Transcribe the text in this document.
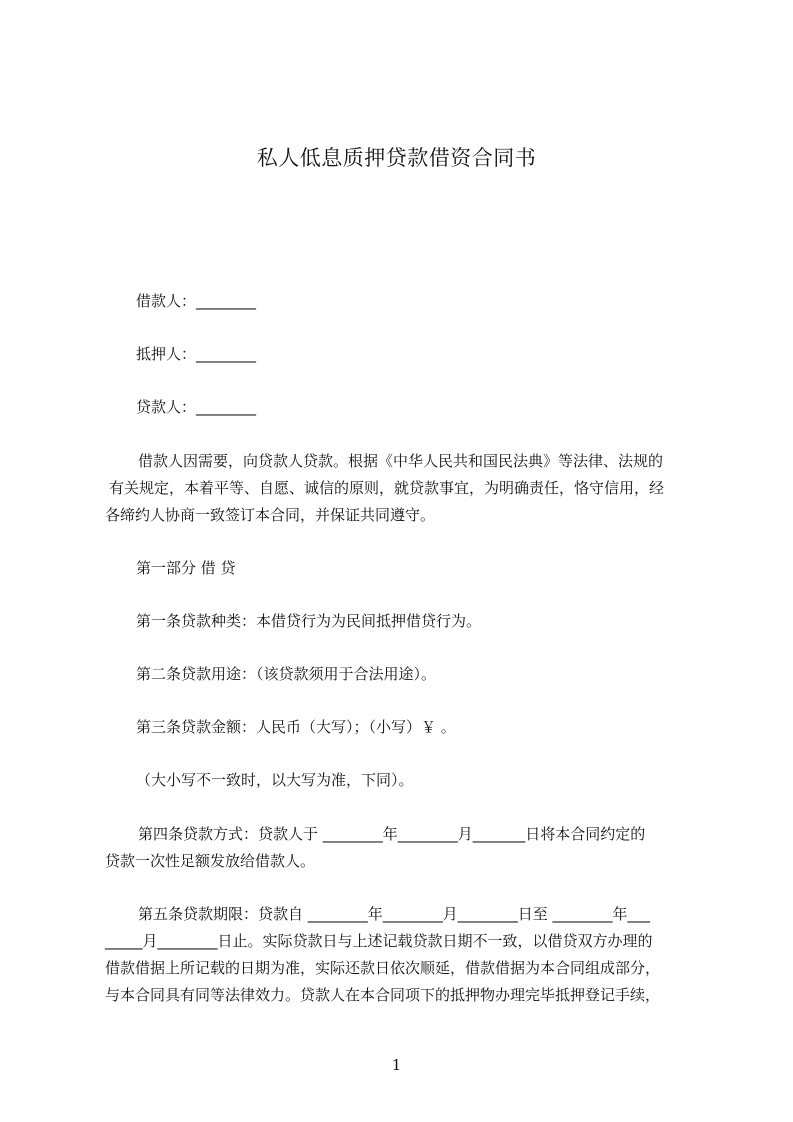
私人低息质押贷款借资合同书
借款人：________
抵押人：________
贷款人：________
借款人因需要，向贷款人贷款。根据《中华人民共和国民法典》等法律、法规的
有关规定，本着平等、自愿、诚信的原则，就贷款事宜，为明确责任，恪守信用，经
各缔约人协商一致签订本合同，并保证共同遵守。
第一部分 借 贷
第一条贷款种类：本借贷行为为民间抵押借贷行为。
第二条贷款用途：（该贷款须用于合法用途）。
第三条贷款金额：人民币（大写）；（小写）￥ 。
（大小写不一致时，以大写为准，下同）。
第四条贷款方式：贷款人于 ________年________月_______日将本合同约定的
贷款一次性足额发放给借款人。
第五条贷款期限：贷款自 ________年________月________日至 ________年___
_____月________日止。实际贷款日与上述记载贷款日期不一致，以借贷双方办理的
借款借据上所记载的日期为准，实际还款日依次顺延，借款借据为本合同组成部分，
与本合同具有同等法律效力。贷款人在本合同项下的抵押物办理完毕抵押登记手续，
1
